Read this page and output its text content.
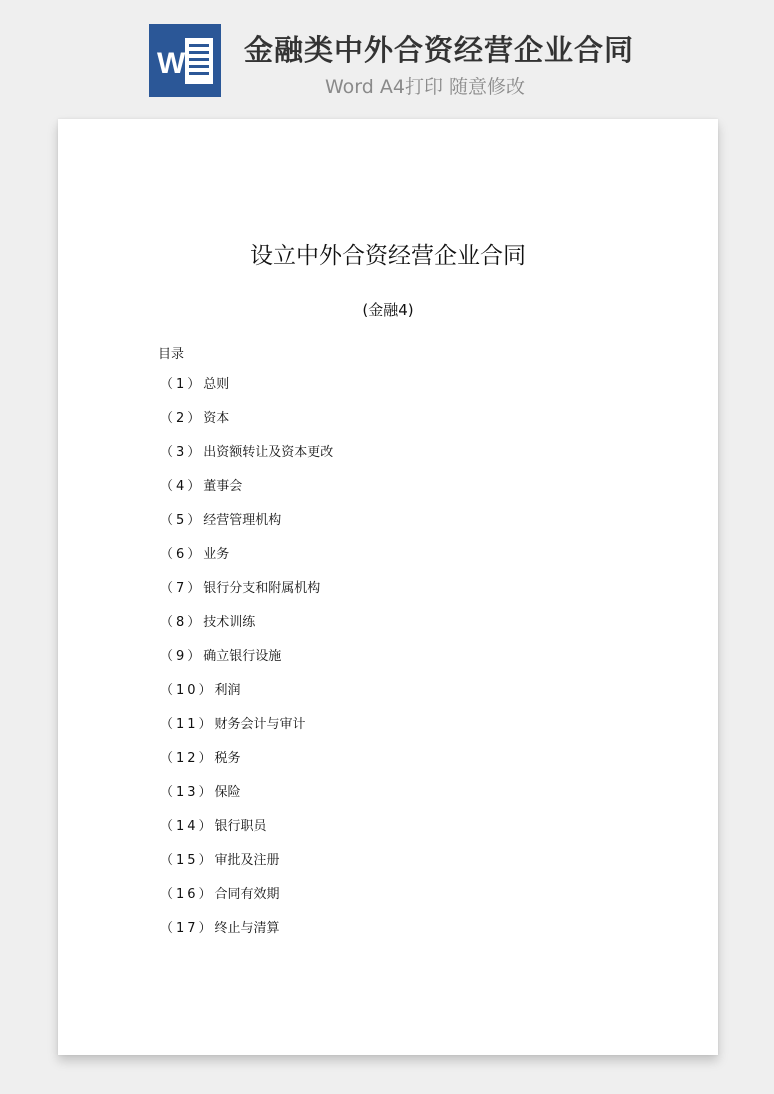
W 金融类中外合资经营企业合同
Word A4打印 随意修改
设立中外合资经营企业合同
(金融4)
目录
（1）总则
（2）资本
（3）出资额转让及资本更改
（4）董事会
（5）经营管理机构
（6）业务
（7）银行分支和附属机构
（8）技术训练
（9）确立银行设施
（10）利润
（11）财务会计与审计
（12）税务
（13）保险
（14）银行职员
（15）审批及注册
（16）合同有效期
（17）终止与清算
